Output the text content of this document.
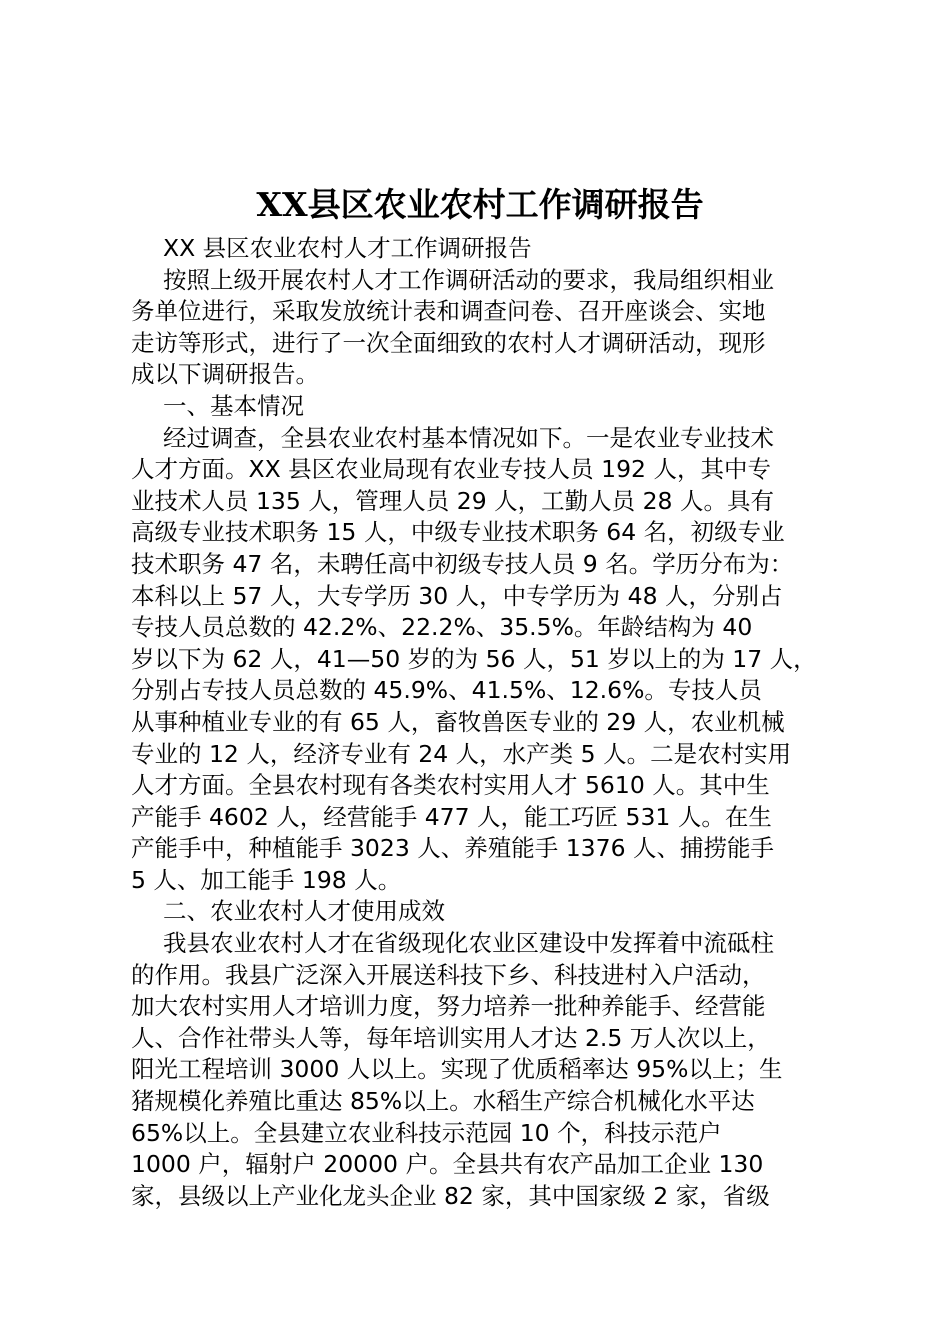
XX县区农业农村工作调研报告
XX 县区农业农村人才工作调研报告
按照上级开展农村人才工作调研活动的要求，我局组织相业
务单位进行，采取发放统计表和调查问卷、召开座谈会、实地
走访等形式，进行了一次全面细致的农村人才调研活动，现形
成以下调研报告。
一、基本情况
经过调查，全县农业农村基本情况如下。一是农业专业技术
人才方面。XX 县区农业局现有农业专技人员 192 人，其中专
业技术人员 135 人，管理人员 29 人，工勤人员 28 人。具有
高级专业技术职务 15 人，中级专业技术职务 64 名，初级专业
技术职务 47 名，未聘任高中初级专技人员 9 名。学历分布为：
本科以上 57 人，大专学历 30 人，中专学历为 48 人，分别占
专技人员总数的 42.2%、22.2%、35.5%。年龄结构为 40
岁以下为 62 人，41—50 岁的为 56 人，51 岁以上的为 17 人，
分别占专技人员总数的 45.9%、41.5%、12.6%。专技人员
从事种植业专业的有 65 人，畜牧兽医专业的 29 人，农业机械
专业的 12 人，经济专业有 24 人，水产类 5 人。二是农村实用
人才方面。全县农村现有各类农村实用人才 5610 人。其中生
产能手 4602 人，经营能手 477 人，能工巧匠 531 人。在生
产能手中，种植能手 3023 人、养殖能手 1376 人、捕捞能手
5 人、加工能手 198 人。
二、农业农村人才使用成效
我县农业农村人才在省级现化农业区建设中发挥着中流砥柱
的作用。我县广泛深入开展送科技下乡、科技进村入户活动，
加大农村实用人才培训力度，努力培养一批种养能手、经营能
人、合作社带头人等，每年培训实用人才达 2.5 万人次以上，
阳光工程培训 3000 人以上。实现了优质稻率达 95%以上；生
猪规模化养殖比重达 85%以上。水稻生产综合机械化水平达
65%以上。全县建立农业科技示范园 10 个，科技示范户
1000 户，辐射户 20000 户。全县共有农产品加工企业 130
家，县级以上产业化龙头企业 82 家，其中国家级 2 家，省级
